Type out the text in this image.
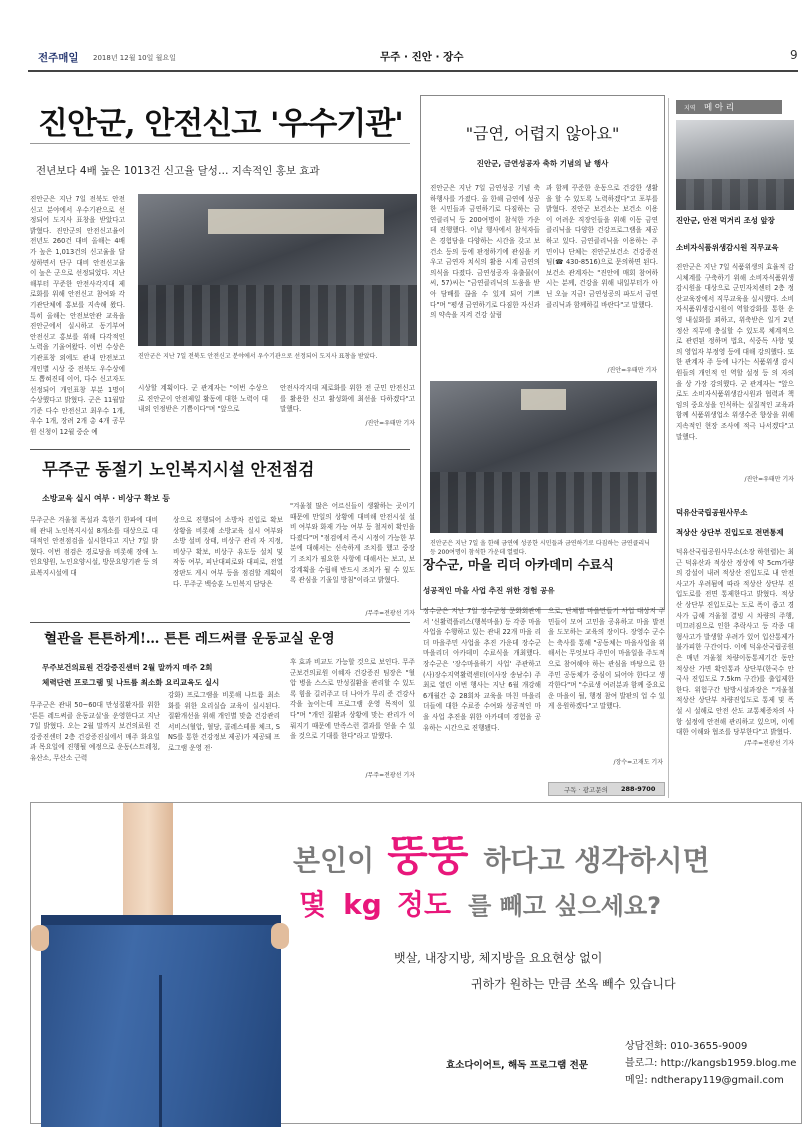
전주매일 2018년 12월 10일 월요일	무주 · 진안 · 장수	9
진안군, 안전신고 '우수기관'
전년보다 4배 높은 1013건 신고율 달성… 지속적인 홍보 효과
진안군은 지난 7일 전북도 안전신고 분야에서 우수기관으로 선정되어 도지사 표창을 받았다고 밝혔다. 진안군의 안전신고율이 전년도 260건 대비 올해는 4배가 높은 1,013건의 신고율을 달성하면서 단구 대비 안전신고율이 높은 군으로 선정되었다. 지난해부터 꾸준한 안전사각지대 제로화를 위해 안전신고 참여와 각 기관단체에 홍보를 지속해 왔다. 특히 올해는 안전보안관 교육을 진안군에서 실시하고 동기부여 안전신고 홍보를 위해 다각적인 노력을 기울여왔다. 이번 수상은 기관표창 외에도 관내 안전보고 개인별 시상 중 전북도 우수상에도 뽑혀진데 이어, 다수 신고자도 선정되어 개인표창 부분 1명이 수상했다고 밝혔다. 군은 11월말 기준 다수 안전신고 최우수 1개, 우수 1개, 장려 2개 총 4개 공무원 신청이 12월 중순 예
진안군은 지난 7일 전북도 안전신고 분야에서 우수기관으로 선정되어 도지사 표창을 받았다.
시상할 계획이다. 군 관계자는 "이번 수상으로 진안군이 안전제일 활동에 대한 노력이 대내외 인정받은 기쁨이다"며 "앞으로
안전사각지대 제로화를 위한 전 군민 안전신고를 활용한 신고 활성화에 최선을 다하겠다"고 말했다.
/진안=우태만 기자
"금연, 어렵지 않아요"
진안군, 금연성공자 축하 기념의 날 행사
진안군은 지난 7일 금연성공 기념 축하행사를 가졌다. 올 한해 금연에 성공한 시민들과 금연하기로 다짐하는 금연클리닉 등 200여명이 참석한 가운데 진행했다. 이날 행사에서 참석자들은 경험담을 다양하는 시간을 갖고 보건소 등의 등에 판정하기에 관심을 키우고 금연자 치식의 활용 시계 금연의 의식을 다졌다. 금연성공자 유출물(이씨, 57)씨는 "금연클리닉의 도움을 받아 담배를 끊을 수 있게 되어 기쁘다"며 "평생 금연하기로 다짐한 자신과의 약속을 지켜 건강 살림
과 함께 꾸준한 운동으로 건강한 생활을 할 수 있도록 노력하겠다"고 포부를 밝혔다. 진안군 보건소는 보건소 이용이 어려운 직장인들을 위해 이동 금연클리닉을 다양한 건강프로그램을 제공하고 있다. 금연클리닉을 이용하는 주민이나 단체는 진안군보건소 건강증진팀(☎ 430-8516)으로 문의하면 된다. 보건소 관계자는 "진안에 매회 참여하시는 분께, 건강을 위해 내일부터가 아닌 오늘 지금! 금연성공의 파도서 금연클리닉과 함께하길 바란다"고 말했다.
/진안=우태만 기자
진안군은 지난 7일 올 한해 금연에 성공한 시민들과 금연하기로 다짐하는 금연클리닉 등 200여명이 참석한 가운데 열렸다.
지역 메 아 리
진안군, 안전 먹거리 조성 앞장
소비자식품위생감시원 직무교육
진안군은 지난 7일 식품위생의 효율적 감시체계를 구축하기 위해 소비자식품위생감시원을 대상으로 군민자치센터 2층 정산교육장에서 직무교육을 실시했다. 소비자식품위생감시원이 역할강화를 통한 운영 내실화를 꾀하고, 위축받은 일거 2년 정산 직무에 충실할 수 있도록 체계적으로 관련된 정하며 법요, 식중독 사항 및 의 영업자 부정영 등에 대해 강의했다. 또한 관계자 주 등에 나가는 식품위생 감시원들의 개인적 인 역할 설정 등 의 자의 을 상 가장 강의했다. 군 관계자는 "앞으로도 소비자식품위생감시원과 협력과 책임의 중요성을 인식하는 실질적인 교육과 함께 식품위생업소 위생수준 향상을 위해 지속적인 현장 조사에 적극 나서겠다"고 말했다.
/진안=우태만 기자
덕유산국립공원사무소
적상산 상단부 진입도로 전면통제
덕유산국립공원사무소(소장 하헌렬)는 최근 덕유산과 적상산 정상에 약 5cm가량의 강설이 내려 적상산 진입도로 내 안전사고가 우려됨에 따라 적상산 상단부 진입도로를 전면 통제한다고 밝혔다. 적상산 상단부 진입도로는 도로 폭이 좁고 경사가 급해 겨울철 결빙 시 차량의 주행, 미끄러짐으로 인한 추락사고 등 각종 대형사고가 발생할 우려가 있어 입산통제가 불가피한 구간이다. 이에 덕유산국립공원은 매년 겨울철 차량이동통제기간 동안 적상산 가면 확인통과 상단부(한국수 안국사 진입도로 7.5km 구간)를 출입제한 한다. 위험구간 탐방시설과장은 "겨울철 적상산 상단부 차량진입도로 통제 및 폭설 시 설해로 안전 산도 교통체증차의 사항 설정에 안전해 관리하고 있으며, 이에 대한 이해와 협조를 당부한다"고 밝혔다.
/무주=전광선 기자
무주군 동절기 노인복지시설 안전점검
소방교육 실시 여부 · 비상구 확보 등
무주군은 겨울철 폭설과 혹한기 한파에 대비해 관내 노인복지시설 8개소를 대상으로 대대적인 안전점검을 실시한다고 지난 7일 밝혔다. 이번 점검은 경로당을 비롯해 장애 노인요양원, 노인요양시설, 방문요양기관 등 의료복지시설에 대
상으로 진행되어 소방차 진입로 확보 상황을 비롯해 소방교육 실시 여부와 소방 설비 상태, 비상구 관리 자 지정, 비상구 확보, 비상구 유도등 설치 및 작동 여부, 피난대피로와 대피로, 전열장판도 게시 여부 등을 점검할 계획이다. 무주군 백승훈 노인복지 담당은
"겨울철 많은 어르신들이 생활하는 곳이기 때문에 만일의 상황에 대비해 안전시설 설비 여부와 화재 가능 여부 등 철저히 확인을 다졌다"며 "점검에서 즉시 시정이 가능한 부분에 대해서는 신속하게 조치를 했고 중장기 조치가 필요한 사항에 대해서는 보고, 보강계획을 수립해 반드시 조치가 될 수 있도록 관심을 기울일 방침"이라고 밝혔다.
/무주=전광선 기자
혈관을 튼튼하게!… 튼튼 레드써클 운동교실 운영
무주보건의료원 건강증진센터 2월 말까지 매주 2회
체력단련 프로그램 및 나트륨 최소화 요리교육도 실시
무주군은 관내 50~60대 만성질환자를 위한 '튼튼 레드써클 운동교실'을 운영한다고 지난 7일 밝혔다. 오는 2월 말까지 보건의료원 건강증진센터 2층 건강증진실에서 매주 화요일과 목요일에 진행될 예정으로 운동(스트레칭, 유산소, 무산소 근력
강화) 프로그램을 비롯해 나트륨 최소화를 위한 요리실습 교육이 실시된다. 질환개선을 위해 개인별 맞춤 건강관리서비스(혈압, 혈당, 콜레스테롤 체크, SNS를 통한 건강정보 제공)가 제공돼 프로그램 운영 전·
후 효과 비교도 가능할 것으로 보인다. 무주군보건의료원 이혜자 건강증진 팀장은 "혈압 병을 스스로 만성질환을 관리할 수 있도록 힘을 길러주고 더 나아가 무리 준 건강사각을 높이는데 프로그램 운영 목적이 있다"며 "개인 질환과 상황에 맞는 관리가 이뤄지기 때문에 만족스런 결과를 얻을 수 있을 것으로 기대를 한다"라고 말했다.
/무주=전광선 기자
장수군, 마을 리더 아카데미 수료식
성공적인 마을 사업 추진 위한 경험 공유
장수군은 지난 7일 장수군청 문화회관에서 '신활력플러스(행복마을) 등 각종 마을사업을 수행하고 있는 관내 22개 마을 리더 마을주민 사업을 추진 가운데 장수군 마을리더 아카데미 수료식을 개최했다. 장수군은 '장수마을하기 사업' 주관하고 (사)장수지역활력센터(이사장 송남수) 주최로 열린 이번 행사는 지난 6월 개강해 6개월간 총 28회차 교육을 마친 마을리더들에 대한 수료증 수여와 성공적인 마을 사업 추진을 위한 아카데미 경험을 공유하는 시간으로 진행됐다.
으로, 단체별 마을만들기 사업 대상지 주민들이 모여 고민을 공유하고 마을 발전을 도모하는 교육의 장이다. 장영수 군수는 축사를 통해 "공동체는 마을사업을 위해서는 무엇보다 주민이 마을일을 주도적으로 참여해야 하는 관심을 바탕으로 한 주민 공동체가 중심이 되어야 한다고 생각한다"며 "수료생 여러분과 함께 중요로운 마을이 될, 행정 참여 발판의 업 수 있게 응원하겠다"고 말했다.
/장수=고재도 기자
구독 · 광고문의 288-9700
본인이 뚱뚱 하다고 생각하시면
몇 kg 정도 를 빼고 싶으세요?
뱃살, 내장지방, 체지방을 요요현상 없이
귀하가 원하는 만큼 쏘옥 빼수 있습니다
효소다이어트, 해독 프로그램 전문
상담전화: 010-3655-9009
블로그: http://kangsb1959.blog.me
메일: ndtherapy119@gmail.com
